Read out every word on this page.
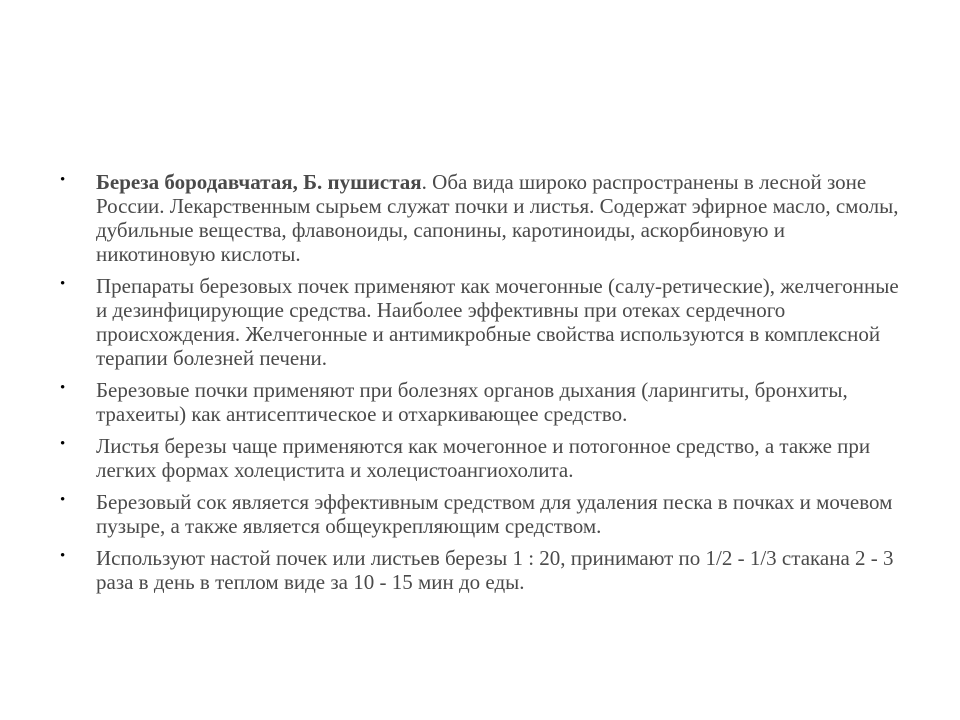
• Береза бородавчатая, Б. пушистая. Оба вида широко распространены в лесной зоне России. Лекарственным сырьем служат почки и листья. Содержат эфирное масло, смолы, дубильные вещества, флавоноиды, сапонины, каротиноиды, аскорбиновую и никотиновую кислоты.
• Препараты березовых почек применяют как мочегонные (салу-ретические), желчегонные и дезинфицирующие средства. Наиболее эффективны при отеках сердечного происхождения. Желчегонные и антимикробные свойства используются в комплексной терапии болезней печени.
• Березовые почки применяют при болезнях органов дыхания (ларингиты, бронхиты, трахеиты) как антисептическое и отхаркивающее средство.
• Листья березы чаще применяются как мочегонное и потогонное средство, а также при легких формах холецистита и холецистоангиохолита.
• Березовый сок является эффективным средством для удаления песка в почках и мочевом пузыре, а также является общеукрепляющим средством.
• Используют настой почек или листьев березы 1 : 20, принимают по 1/2 - 1/3 стакана 2 - 3 раза в день в теплом виде за 10 - 15 мин до еды.
